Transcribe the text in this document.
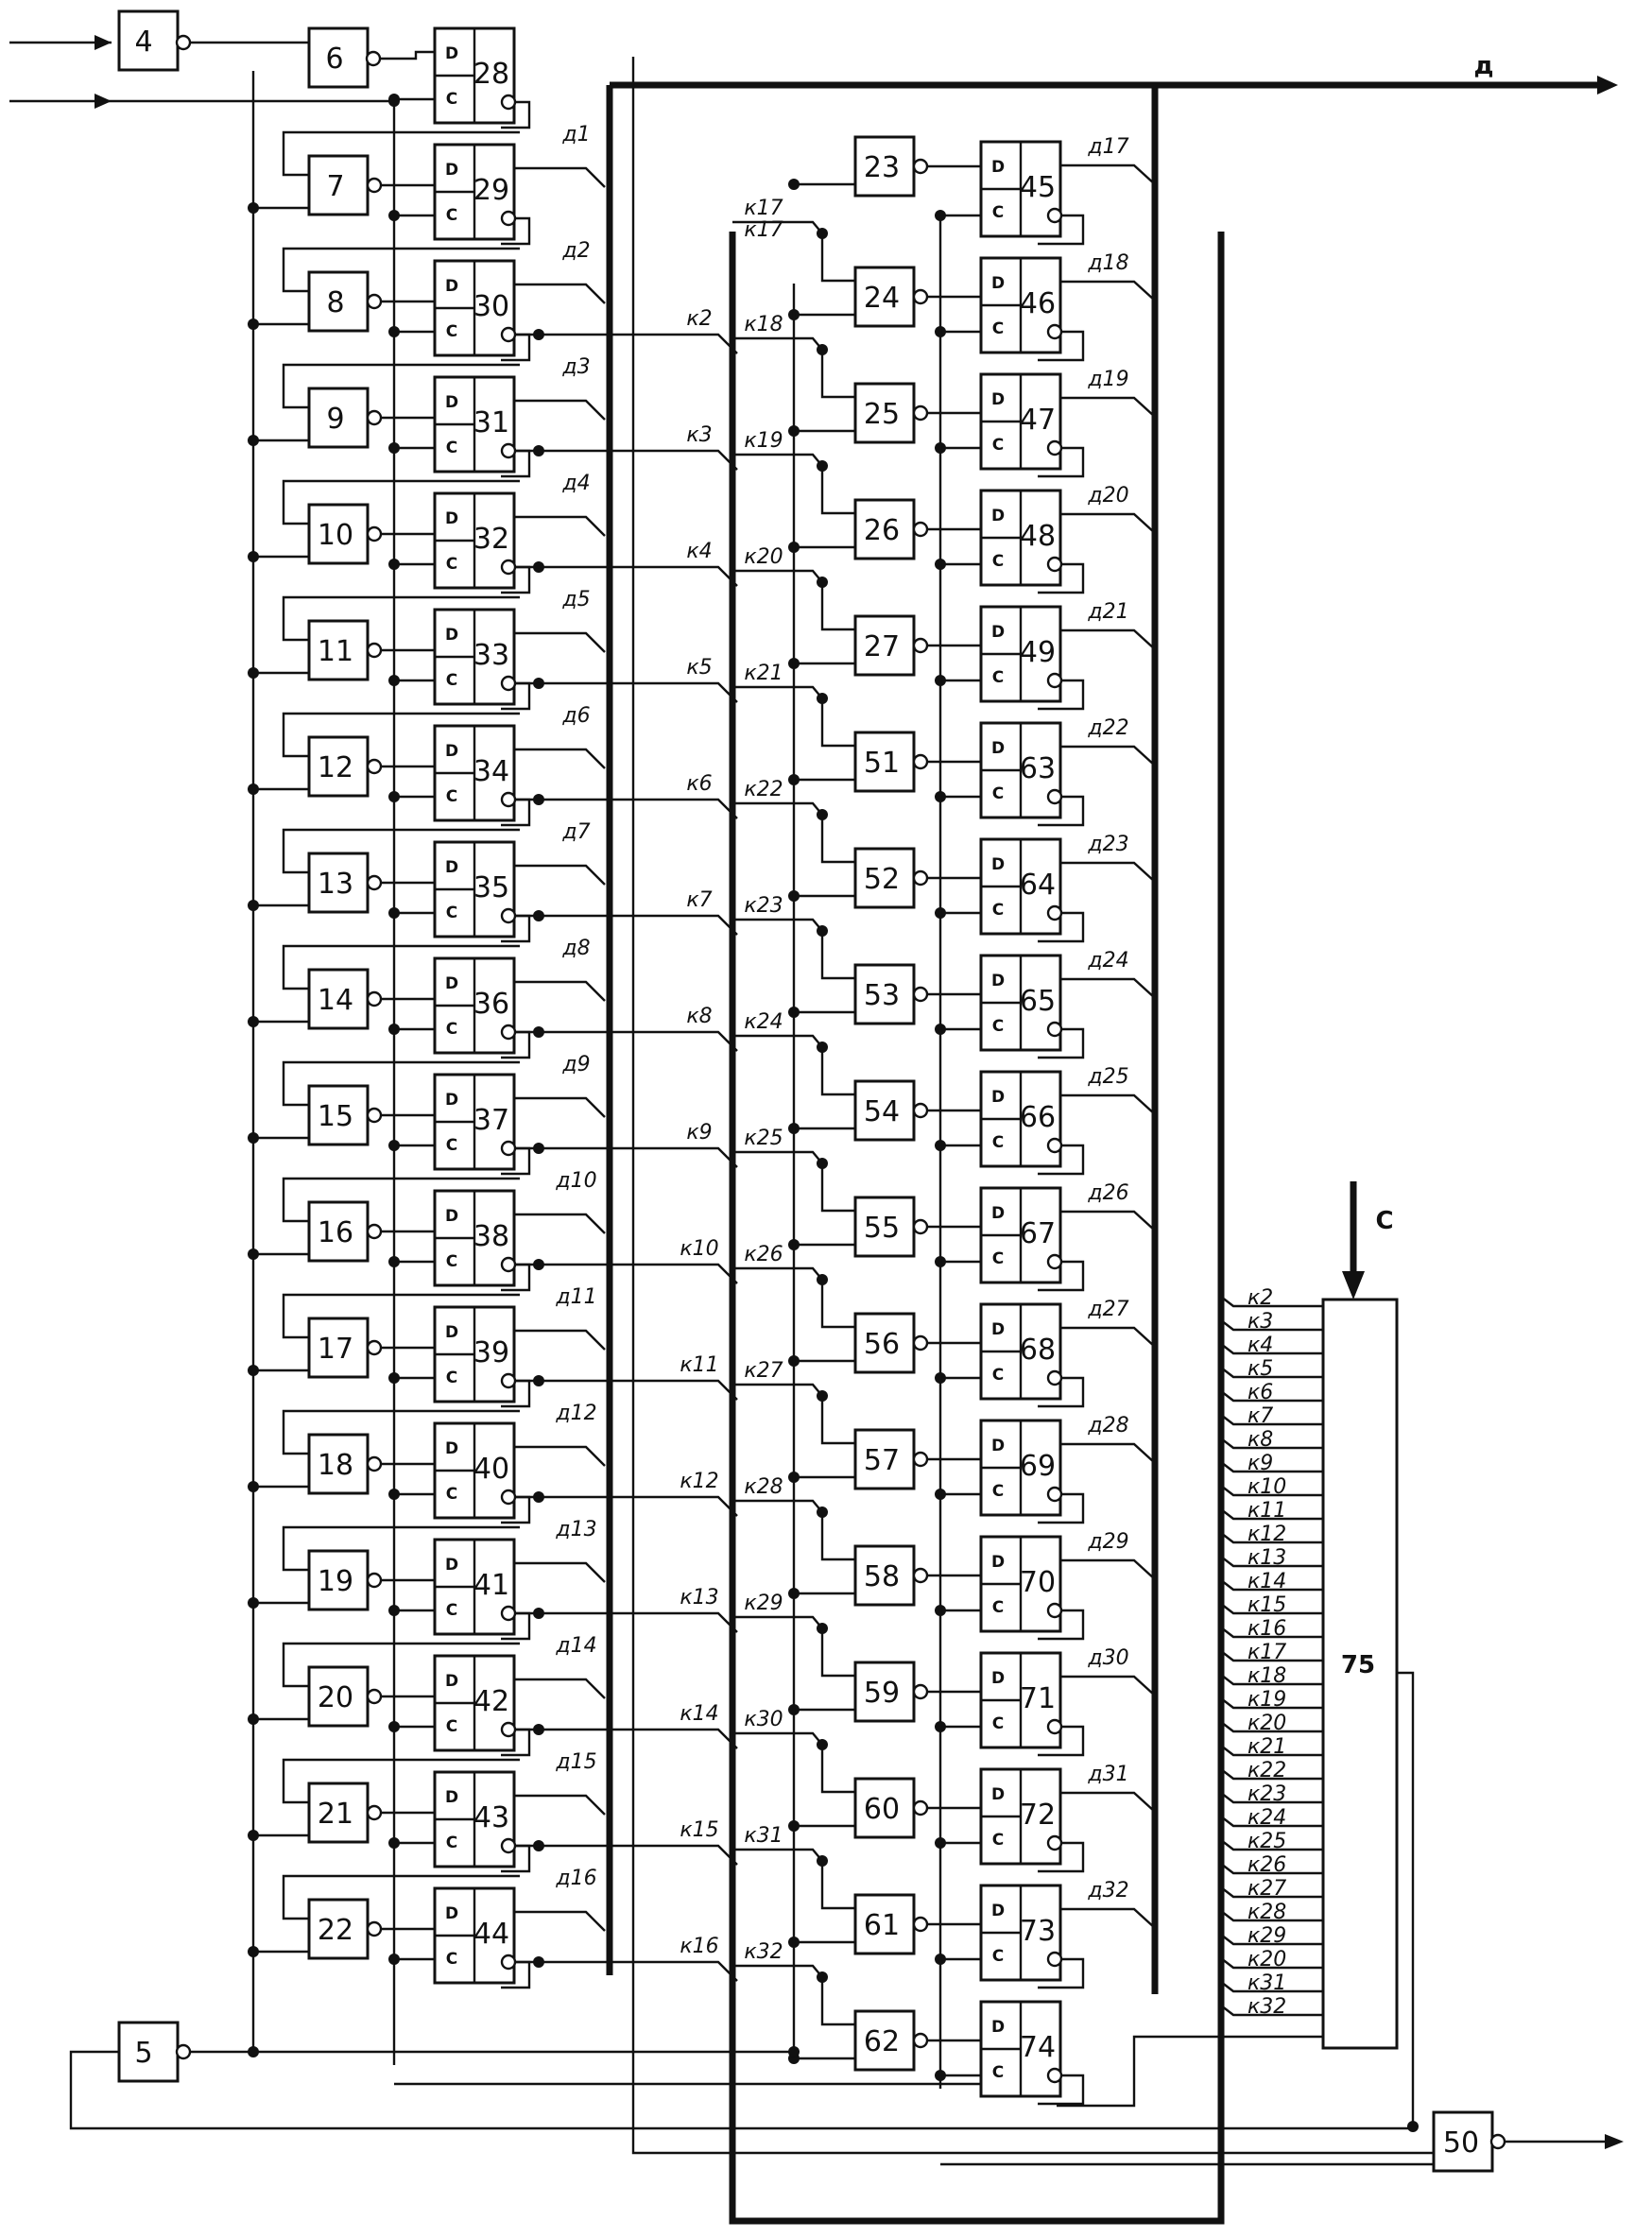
4
6	D
C
28
D
C
29
7
D
C
30
8
D
C
31
9
D
C
32
10
D
C
33
11
D
C
34
12
D
C
35
13
D
C
36
14
D
C
37
15
D
C
38
16
D
C
39
17
D
C
40
18
D
C
41
19
D
C
42
20
D
C
43
21
D
C
44
22
D
C
45
23
D
C
46
24
D
C
47
25
D
C
48
26
D
C
49
27
D
C
63
51
D
C
64
52
D
C
65
53
D
C
66
54
D
C
67
55
D
C
68
56
D
C
69
57
D
C
70
58
D
C
71
59
D
C
72
60
D
C
73
61
D
C
74
62
5
75
50
д1
д2
к2
д3
к3
д4
к4
д5
к5
д6
к6
д7
к7
д8
к8
д9
к9
д10
к10
д11
к11
д12
к12
д13
к13
д14
к14
д15
к15
д16
к16
д
д17
д18
к17
д19
к18
д20
к19
д21
к20
д22
к21
д23
к22
д24
к23
д25
к24
д26
к25
д27
к26
д28
к27
д29
к28
д30
к29
д31
к30
д32
к31
к32
к17
С
к2
к3
к4
к5
к6
к7
к8
к9
к10
к11
к12
к13
к14
к15
к16
к17
к18
к19
к20
к21
к22
к23
к24
к25
к26
к27
к28
к29
к20
к31
к32
